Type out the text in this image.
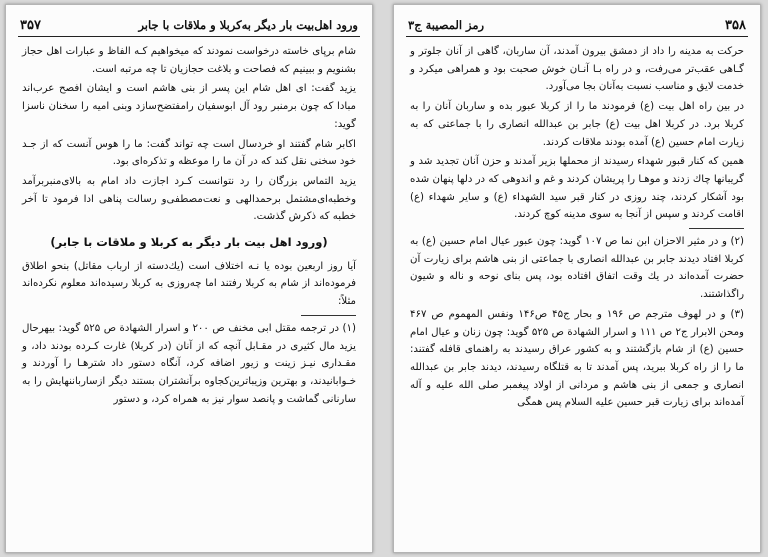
۳۵۷	ورود اهل‌بیت بار دیگر به‌کربلا و ملاقات با جابر

شام برپای خاسته درخواست نمودند که میخواهیم کـه الفاظ و عبارات اهل حجاز بشنویم و ببینیم که فصاحت و بلاغت حجازیان تا چه مرتبه است.

یزید گفت: ای اهل شام این پسر از بنی هاشم است و ایشان افصح عرب‌اند مبادا که چون برمنبر رود آل ابوسفیان رامفتضح‌سازد وبنی امیه را سخنان ناسزا گوید:

اکابر شام گفتند او خردسال است چه تواند گفت: ما را هوس آنست که از جـد خود سخنی نقل کند که در آن ما را موعظه و تذکره‌ای بود.

یزید التماس بزرگان را رد نتوانست کـرد اجازت داد امام به بالای‌منبربرآمد وخطبه‌ای‌مشتمل برحمدالهی و نعت‌مصطفی‌و رسالت پناهی ادا فرمود تا آخر خطبه که ذکرش گذشت.

(ورود اهل بیت بار دیگر به کربلا و ملاقات با جابر)

آیا روز اربعین بوده یا نـه اختلاف است (یك‌دسته از ارباب مقاتل) بنحو اطلاق فرموده‌اند از شام به کربلا رفتند اما چه‌روزی به کربلا رسیده‌اند معلوم نکرده‌اند مثلاً:

(۱) در ترجمه مقتل ابی مخنف ص ۲۰۰ و اسرار الشهادة ص ۵۲۵ گوید: بیهرحال یزید مال کثیری در مقـابل آنچه که از آنان (در کربلا) غارت کـرده بودند داد، و مقـداری نیـز زینت و زیور اضافه کرد، آنگاه دستور داد شترهـا را آوردند و خـوابانیدند، و بهترین وزیباترین‌کجاوه برآنشتران بستند دیگر ازسارباننهایش را به سارنانی گماشت و پانصد سوار نیز به همراه کرد، و دستور

رمز المصیبة ج۳	۳۵۸

حرکت به مدینه را داد از دمشق بیرون آمدند، آن ساربان، گاهی از آنان جلوتر و گـاهی عقب‌تر می‌رفت، و در راه بـا آنـان خوش صحبت بود و همراهی میکرد و خدمت لایق و مناسب نسبت به‌آنان بجا می‌آورد.

در بین راه اهل بیت (ع) فرمودند ما را از کربلا عبور بده و ساربان آنان را به کربلا برد. در کربلا اهل بیت (ع) جابر بن عبدالله انصاری را با جماعتی که به زیارت امام حسین (ع) آمده بودند ملاقات کردند.

همین که کنار قبور شهداء رسیدند از محملها بزیر آمدند و حزن آنان تجدید شد و گریبانها چاك زدند و موهـا را پریشان کردند و غم و اندوهی که در دلها پنهان شده بود آشکار کردند، چند روزی در کنار قبر سید الشهداء (ع) و سایر شهداء (ع) اقامت کردند و سپس از آنجا به سوی مدینه کوچ کردند.

(۲) و در مثیر الاحزان ابن نما ص ۱۰۷ گوید: چون عبور عیال امام حسین (ع) به کربلا افتاد دیدند جابر بن عبدالله انصاری با جماعتی از بنی هاشم برای زیارت آن حضرت آمده‌اند در یك وقت اتفاق افتاده بود، پس بنای نوحه و ناله و شیون راگذاشتند.

(۳) و در لهوف مترجم ص ۱۹۶ و بحار ج۴۵ ص۱۴۶ ونفس المهموم ص ۴۶۷ ومحن الابرار ج۲ ص ۱۱۱ و اسرار الشهادة ص ۵۲۵ گوید: چون زنان و عیال امام حسین (ع) از شام بازگشتند و به کشور عراق رسیدند به راهنمای قافله گفتند: ما را از راه کربلا ببرید، پس آمدند تا به قتلگاه رسیدند، دیدند جابر بن عبدالله انصاری و جمعی از بنی هاشم و مردانی از اولاد پیغمبر صلی الله علیه و آله آمده‌اند برای زیارت قبر حسین علیه السلام پس همگی
